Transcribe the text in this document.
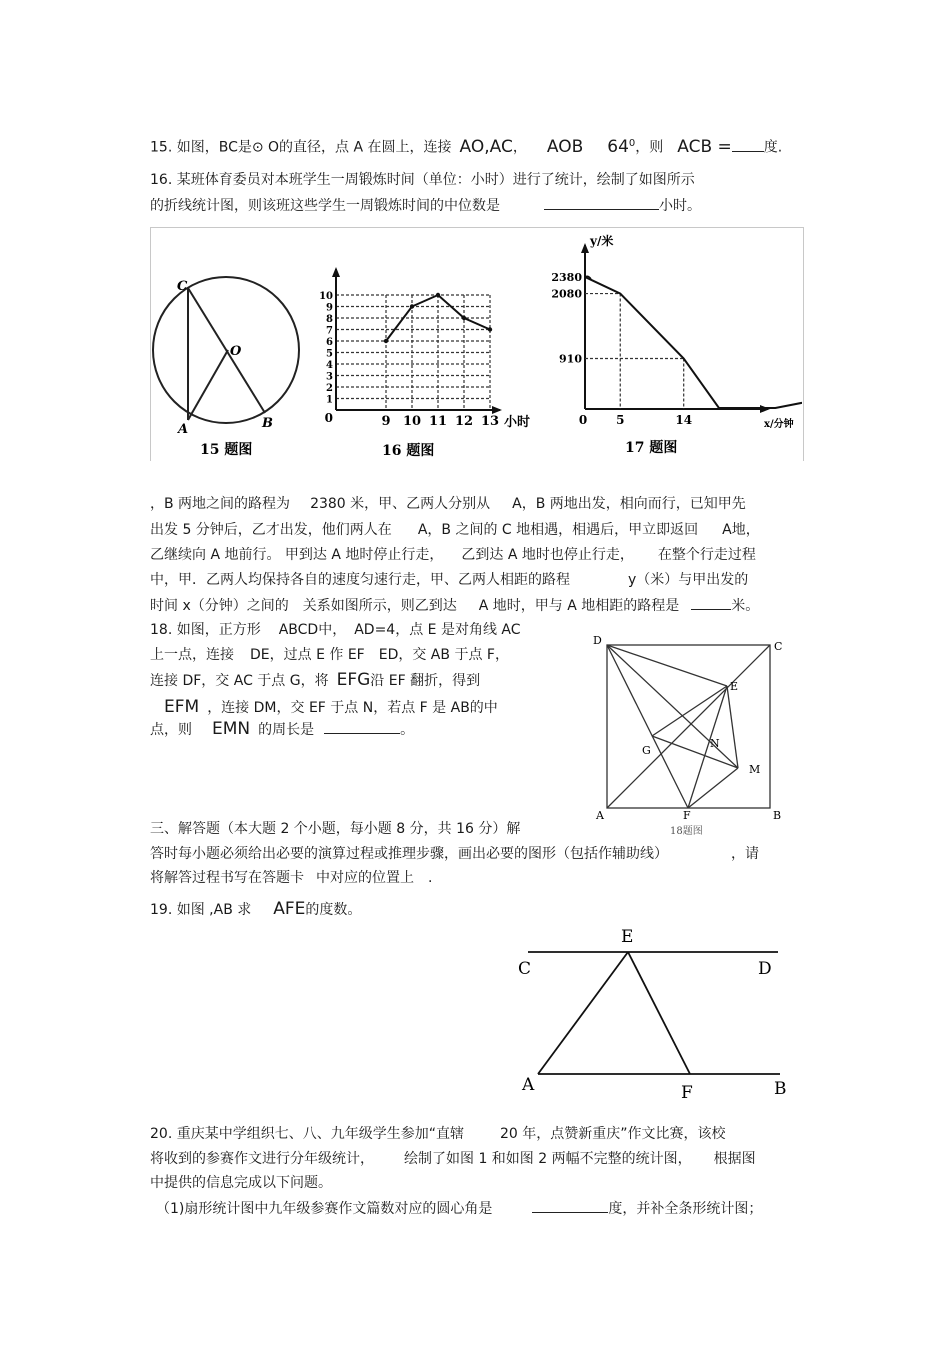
15. 如图，BC是⊙ O的直径，点 A 在圆上，连接 AO,AC， AOB $64^0$，则 ACB = 度.
16. 某班体育委员对本班学生一周锻炼时间（单位：小时）进行了统计，绘制了如图所示
的折线统计图，则该班这些学生一周锻炼时间的中位数是	小时。
C
O
A	B
15 题图
10
9
8
7
6
5
4
3
2
1
0	9 10 11 12 13 小时
16 题图
y/米
2380
2080
910
0 5	14	x/分钟
17 题图
，B 两地之间的路程为 2380 米，甲、乙两人分别从 A，B 两地出发，相向而行，已知甲先
出发 5 分钟后，乙才出发，他们两人在 A，B 之间的 C 地相遇，相遇后，甲立即返回 A地，
乙继续向 A 地前行。 甲到达 A 地时停止行走， 乙到达 A 地时也停止行走， 在整个行走过程
中，甲．乙两人均保持各自的速度匀速行走，甲、乙两人相距的路程	y（米）与甲出发的
时间 x（分钟）之间的 关系如图所示，则乙到达 A 地时，甲与 A 地相距的路程是	米。
18. 如图，正方形 ABCD中， AD=4，点 E 是对角线 AC
上一点，连接 DE，过点 E 作 EF ED，交 AB 于点 F，
连接 DF，交 AC 于点 G，将 EFG沿 EF 翻折，得到
EFM ，连接 DM，交 EF 于点 N，若点 F 是 AB的中
点，则 EMN 的周长是	。
D	C
E
G
N
M
A	F	B
18题图
三、解答题（本大题 2 个小题，每小题 8 分，共 16 分）解
答时每小题必须给出必要的演算过程或推理步骤，画出必要的图形（包括作辅助线）	，请
将解答过程书写在答题卡 中对应的位置上 .
19. 如图 ,AB 求 AFE的度数。
E
C	D
A	F	B
20. 重庆某中学组织七、八、九年级学生参加“直辖	20 年，点赞新重庆”作文比赛，该校
将收到的参赛作文进行分年级统计， 绘制了如图 1 和如图 2 两幅不完整的统计图， 根据图
中提供的信息完成以下问题。
（1)扇形统计图中九年级参赛作文篇数对应的圆心角是	度，并补全条形统计图；
